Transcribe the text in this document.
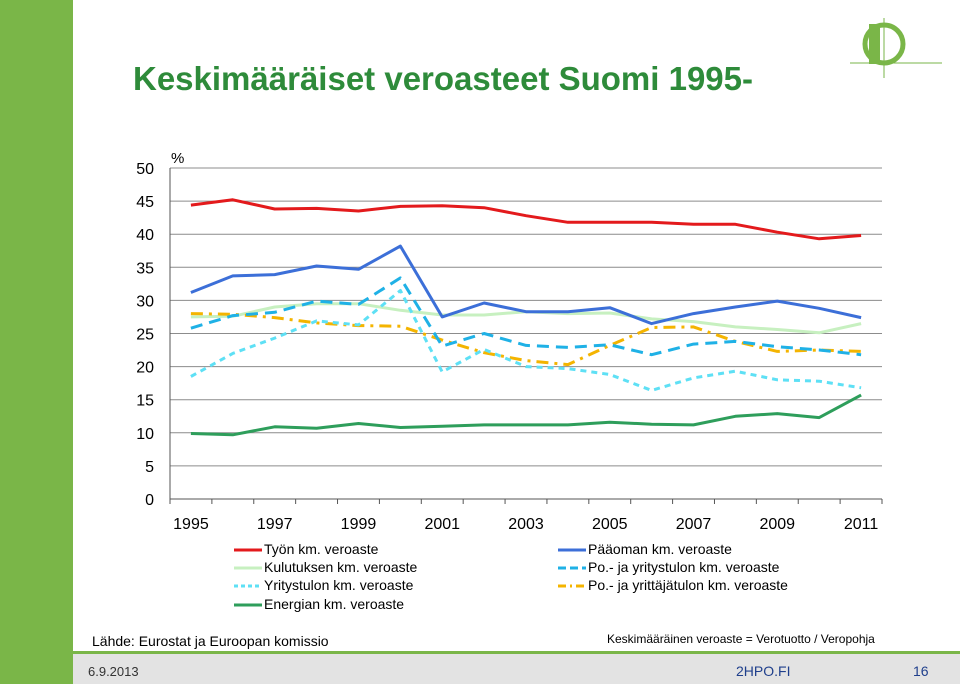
Keskimääräiset veroasteet Suomi 1995-
0
5
10
15
20
25
30
35
40
45
50
1995	1997	1999	2001	2003	2005	2007	2009	2011
%
Työn km. veroaste	Pääoman km. veroaste
Kulutuksen km. veroaste	Po.- ja yritystulon km. veroaste
Yritystulon km. veroaste	Po.- ja yrittäjätulon km. veroaste
Energian km. veroaste
Lähde: Eurostat ja Euroopan komissio	Keskimääräinen veroaste = Verotuotto / Veropohja
6.9.2013	2HPO.FI	16
